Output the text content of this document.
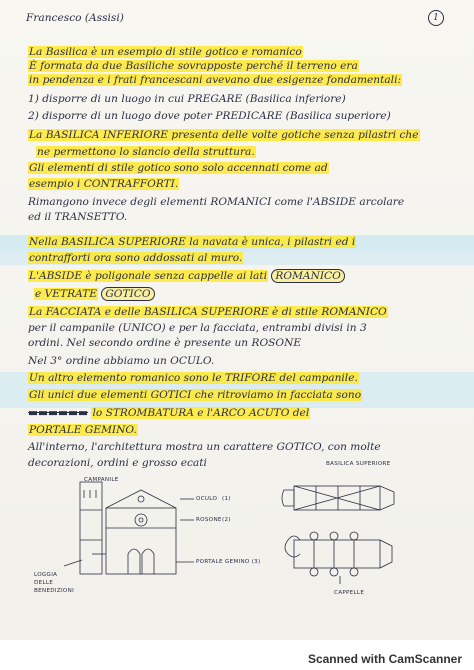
1
Francesco (Assisi)
La Basilica è un esempio di stile gotico e romanico
È formata da due Basiliche sovrapposte perché il terreno era
in pendenza e i frati francescani avevano due esigenze fondamentali:
1) disporre di un luogo in cui PREGARE (Basilica inferiore)
2) disporre di un luogo dove poter PREDICARE (Basilica superiore)
La BASILICA INFERIORE presenta delle volte gotiche senza pilastri che
ne permettono lo slancio della struttura.
Gli elementi di stile gotico sono solo accennati come ad
esempio i CONTRAFFORTI.
Rimangono invece degli elementi ROMANICI come l'ABSIDE arcolare
ed il TRANSETTO.
Nella BASILICA SUPERIORE la navata è unica, i pilastri ed i
contrafforti ora sono addossati al muro.
L'ABSIDE è poligonale senza cappelle ai lati ROMANICO
e VETRATE GOTICO
La FACCIATA e delle BASILICA SUPERIORE è di stile ROMANICO
per il campanile (UNICO) e per la facciata, entrambi divisi in 3
ordini. Nel secondo ordine è presente un ROSONE
Nel 3° ordine abbiamo un OCULO.
Un altro elemento romanico sono le TRIFORE del campanile.
Gli unici due elementi GOTICI che ritroviamo in facciata sono
▬▬▬▬▬▬ lo STROMBATURA e l'ARCO ACUTO del
PORTALE GEMINO.
All'interno, l'architettura mostra un carattere GOTICO, con molte
decorazioni, ordini e grosso ecati
CAMPANILE
OCULO (1)
ROSONE (2)
PORTALE GEMINO (3)
LOGGIA
DELLE
BENEDIZIONI
BASILICA SUPERIORE
CAPPELLE
Scanned with CamScanner
